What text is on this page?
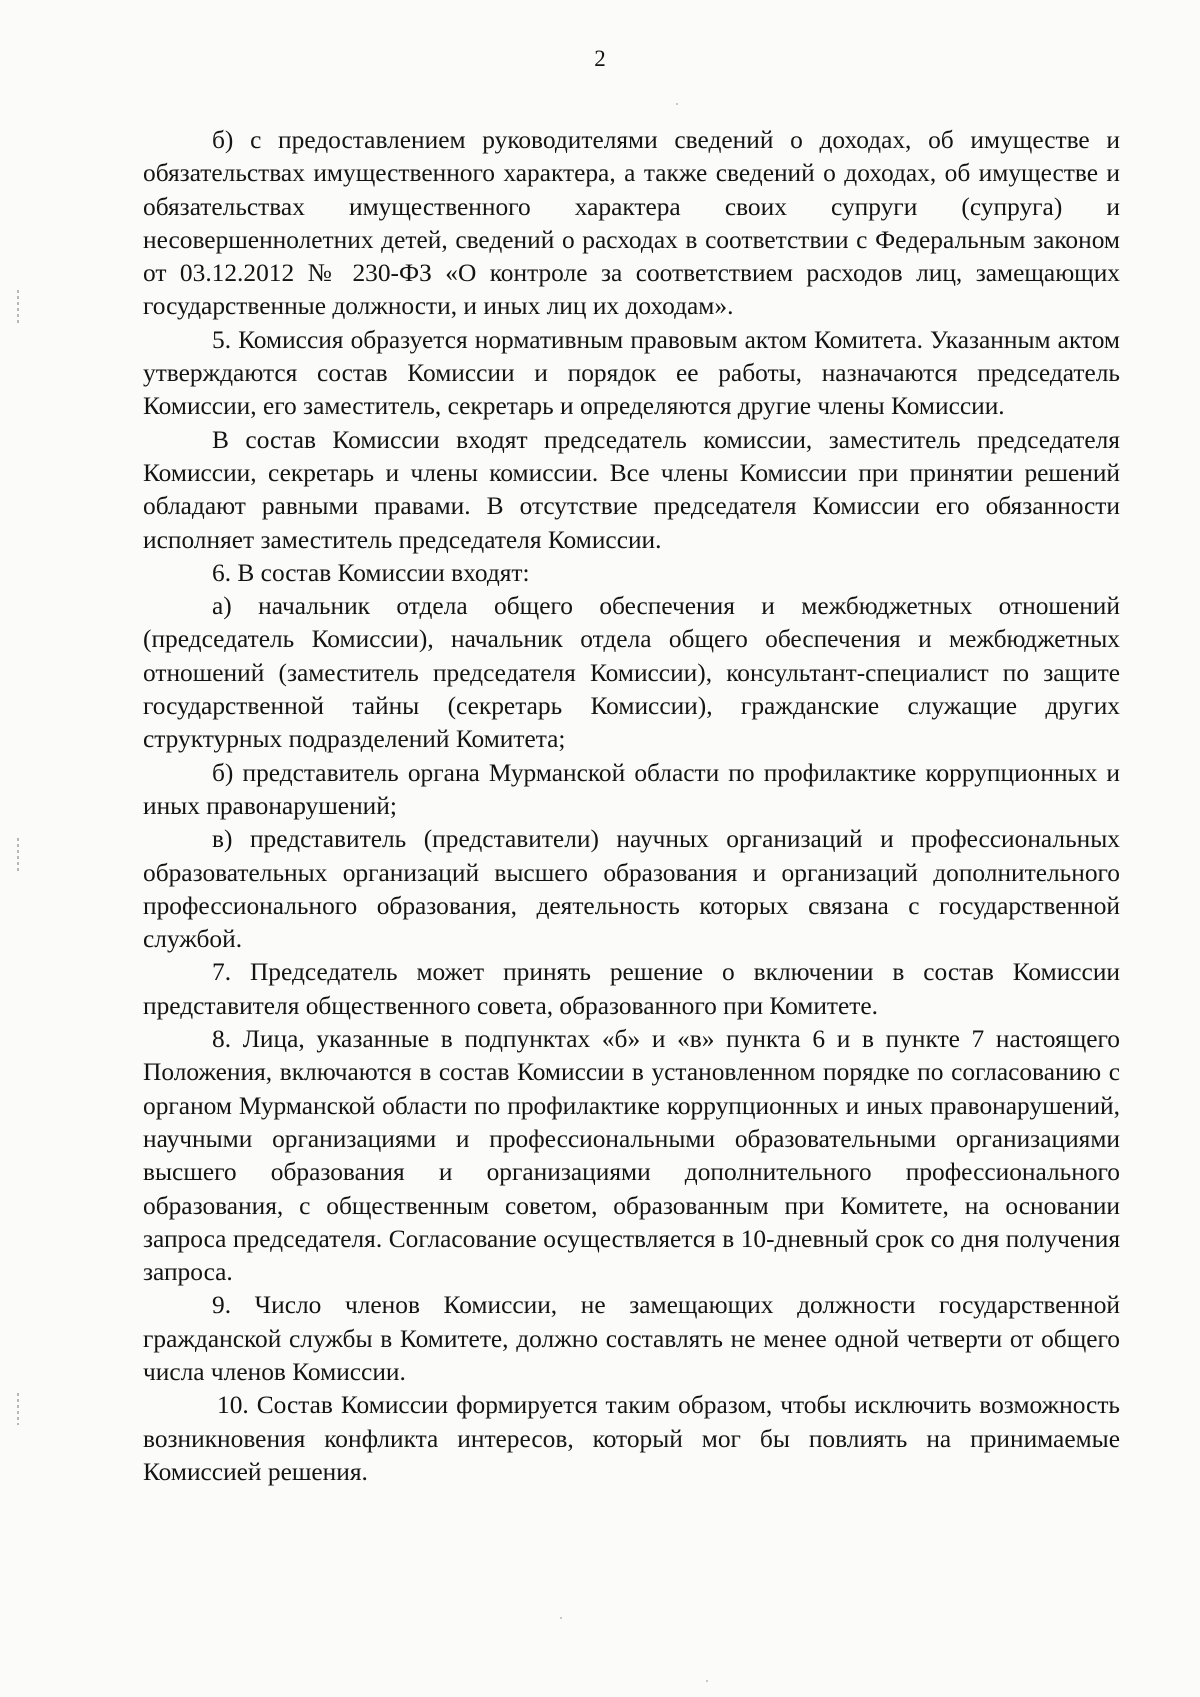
2

б) с предоставлением руководителями сведений о доходах, об имуществе и обязательствах имущественного характера, а также сведений о доходах, об имуществе и обязательствах имущественного характера своих супруги (супруга) и несовершеннолетних детей, сведений о расходах в соответствии с Федеральным законом от 03.12.2012 № 230-ФЗ «О контроле за соответствием расходов лиц, замещающих государственные должности, и иных лиц их доходам».

5. Комиссия образуется нормативным правовым актом Комитета. Указанным актом утверждаются состав Комиссии и порядок ее работы, назначаются председатель Комиссии, его заместитель, секретарь и определяются другие члены Комиссии.

В состав Комиссии входят председатель комиссии, заместитель председателя Комиссии, секретарь и члены комиссии. Все члены Комиссии при принятии решений обладают равными правами. В отсутствие председателя Комиссии его обязанности исполняет заместитель председателя Комиссии.

6. В состав Комиссии входят:

а) начальник отдела общего обеспечения и межбюджетных отношений (председатель Комиссии), начальник отдела общего обеспечения и межбюджетных отношений (заместитель председателя Комиссии), консультант-специалист по защите государственной тайны (секретарь Комиссии), гражданские служащие других структурных подразделений Комитета;

б) представитель органа Мурманской области по профилактике коррупционных и иных правонарушений;

в) представитель (представители) научных организаций и профессиональных образовательных организаций высшего образования и организаций дополнительного профессионального образования, деятельность которых связана с государственной службой.

7. Председатель может принять решение о включении в состав Комиссии представителя общественного совета, образованного при Комитете.

8. Лица, указанные в подпунктах «б» и «в» пункта 6 и в пункте 7 настоящего Положения, включаются в состав Комиссии в установленном порядке по согласованию с органом Мурманской области по профилактике коррупционных и иных правонарушений, научными организациями и профессиональными образовательными организациями высшего образования и организациями дополнительного профессионального образования, с общественным советом, образованным при Комитете, на основании запроса председателя. Согласование осуществляется в 10-дневный срок со дня получения запроса.

9. Число членов Комиссии, не замещающих должности государственной гражданской службы в Комитете, должно составлять не менее одной четверти от общего числа членов Комиссии.

10. Состав Комиссии формируется таким образом, чтобы исключить возможность возникновения конфликта интересов, который мог бы повлиять на принимаемые Комиссией решения.
